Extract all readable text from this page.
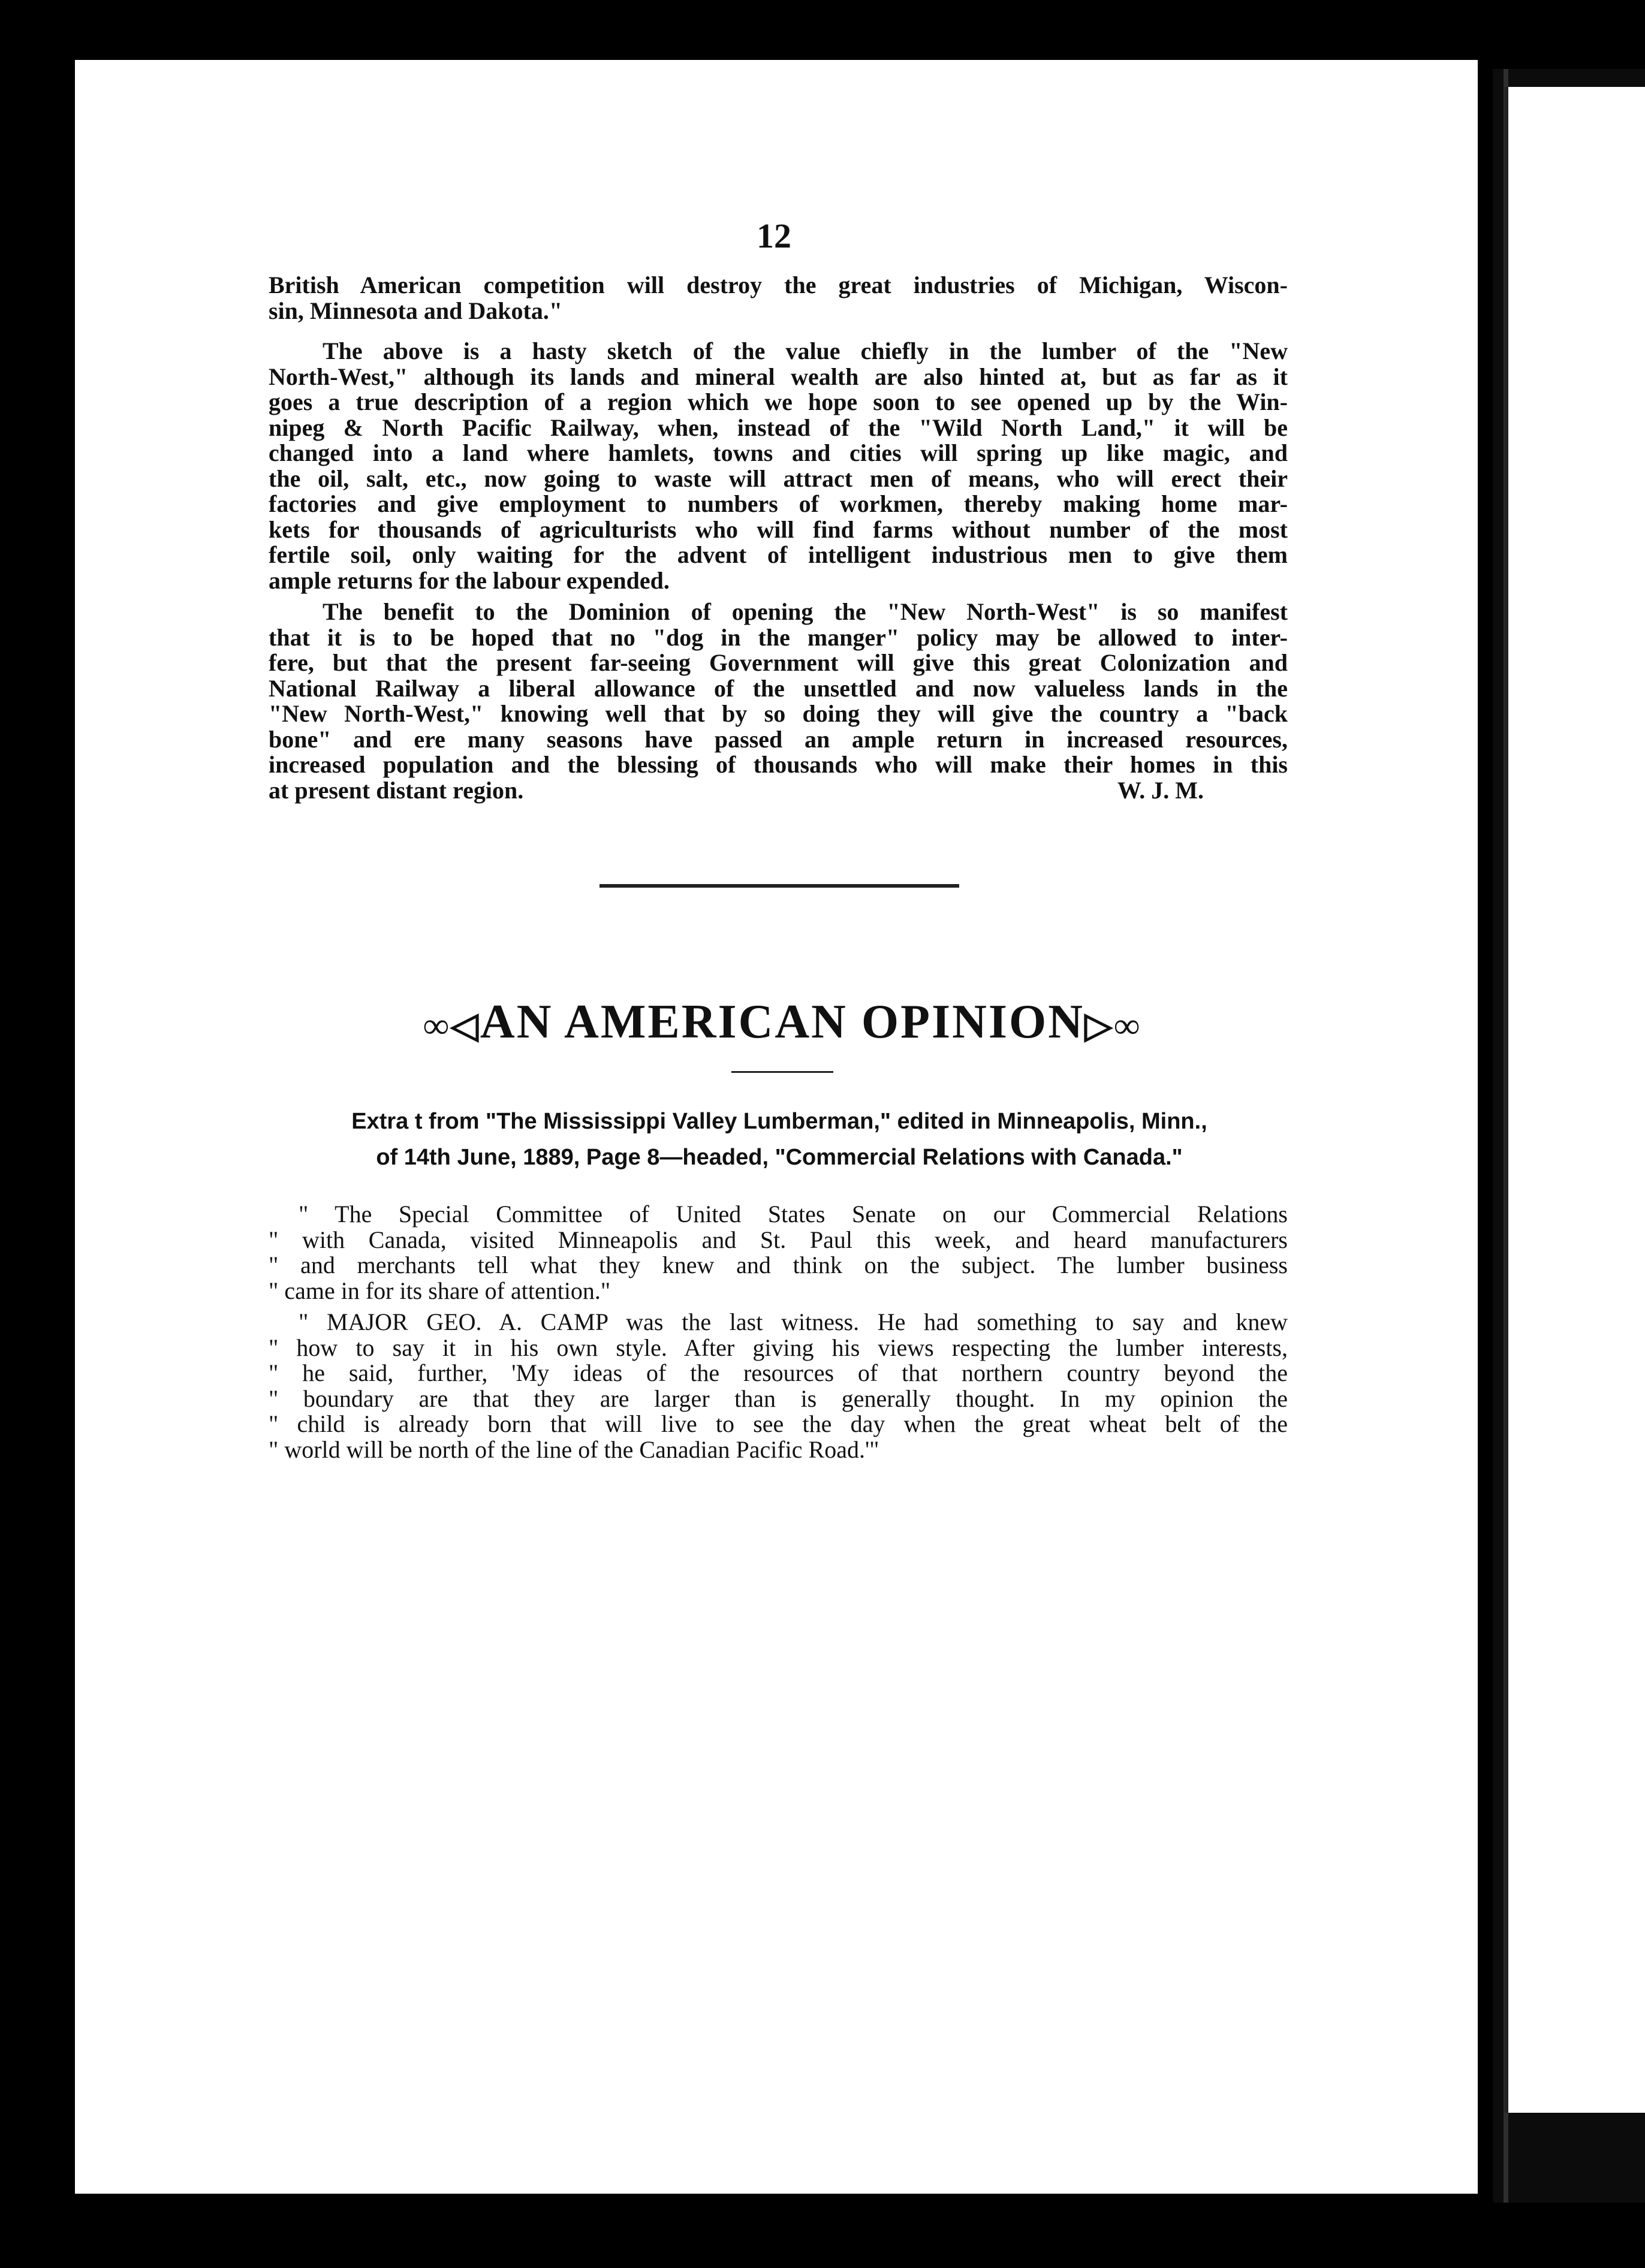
12
British American competition will destroy the great industries of Michigan, Wiscon-
sin, Minnesota and Dakota."
The above is a hasty sketch of the value chiefly in the lumber of the "New
North-West," although its lands and mineral wealth are also hinted at, but as far as it
goes a true description of a region which we hope soon to see opened up by the Win-
nipeg & North Pacific Railway, when, instead of the "Wild North Land," it will be
changed into a land where hamlets, towns and cities will spring up like magic, and
the oil, salt, etc., now going to waste will attract men of means, who will erect their
factories and give employment to numbers of workmen, thereby making home mar-
kets for thousands of agriculturists who will find farms without number of the most
fertile soil, only waiting for the advent of intelligent industrious men to give them
ample returns for the labour expended.
The benefit to the Dominion of opening the "New North-West" is so manifest
that it is to be hoped that no "dog in the manger" policy may be allowed to inter-
fere, but that the present far-seeing Government will give this great Colonization and
National Railway a liberal allowance of the unsettled and now valueless lands in the
"New North-West," knowing well that by so doing they will give the country a "back
bone" and ere many seasons have passed an ample return in increased resources,
increased population and the blessing of thousands who will make their homes in this
at present distant region.	W. J. M.
∞◁AN AMERICAN OPINION▷∞
Extra t from "The Mississippi Valley Lumberman," edited in Minneapolis, Minn.,
of 14th June, 1889, Page 8—headed, "Commercial Relations with Canada."
" The Special Committee of United States Senate on our Commercial Relations
" with Canada, visited Minneapolis and St. Paul this week, and heard manufacturers
" and merchants tell what they knew and think on the subject. The lumber business
" came in for its share of attention."
" MAJOR GEO. A. CAMP was the last witness. He had something to say and knew
" how to say it in his own style. After giving his views respecting the lumber interests,
" he said, further, 'My ideas of the resources of that northern country beyond the
" boundary are that they are larger than is generally thought. In my opinion the
" child is already born that will live to see the day when the great wheat belt of the
" world will be north of the line of the Canadian Pacific Road.'"
